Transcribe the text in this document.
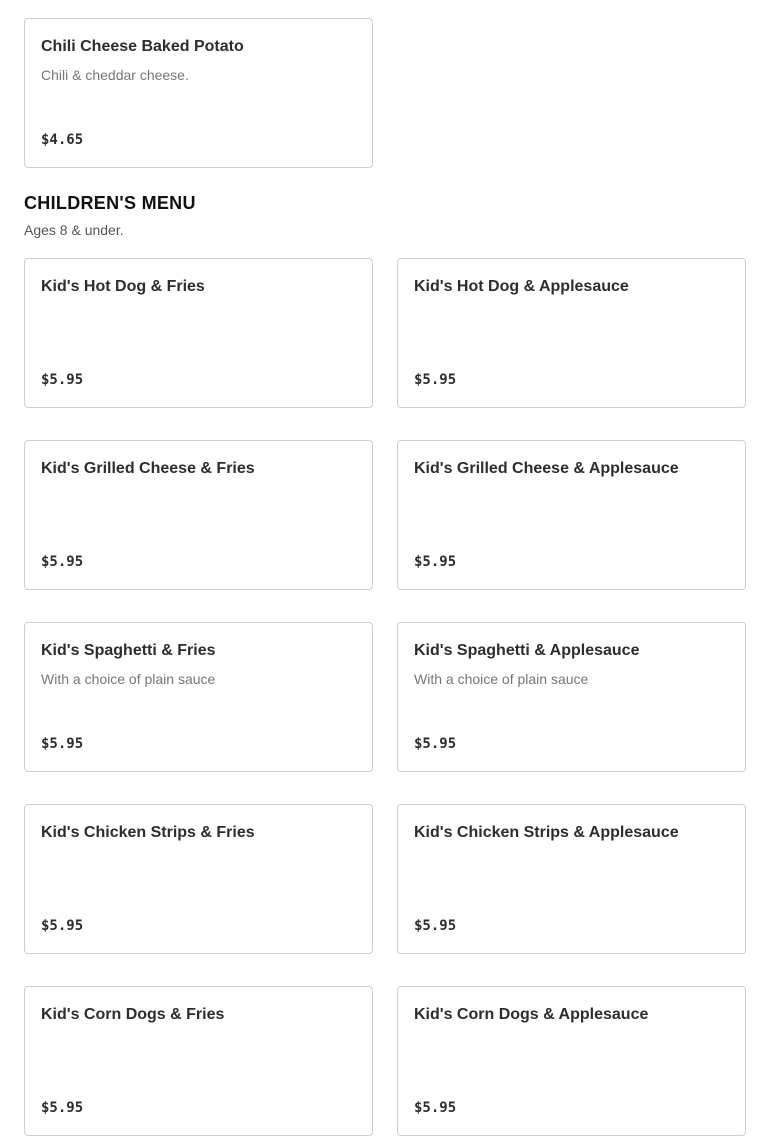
Chili Cheese Baked Potato
Chili & cheddar cheese.
$4.65
CHILDREN'S MENU
Ages 8 & under.
Kid's Hot Dog & Fries
$5.95
Kid's Hot Dog & Applesauce
$5.95
Kid's Grilled Cheese & Fries
$5.95
Kid's Grilled Cheese & Applesauce
$5.95
Kid's Spaghetti & Fries
With a choice of plain sauce
$5.95
Kid's Spaghetti & Applesauce
With a choice of plain sauce
$5.95
Kid's Chicken Strips & Fries
$5.95
Kid's Chicken Strips & Applesauce
$5.95
Kid's Corn Dogs & Fries
$5.95
Kid's Corn Dogs & Applesauce
$5.95
